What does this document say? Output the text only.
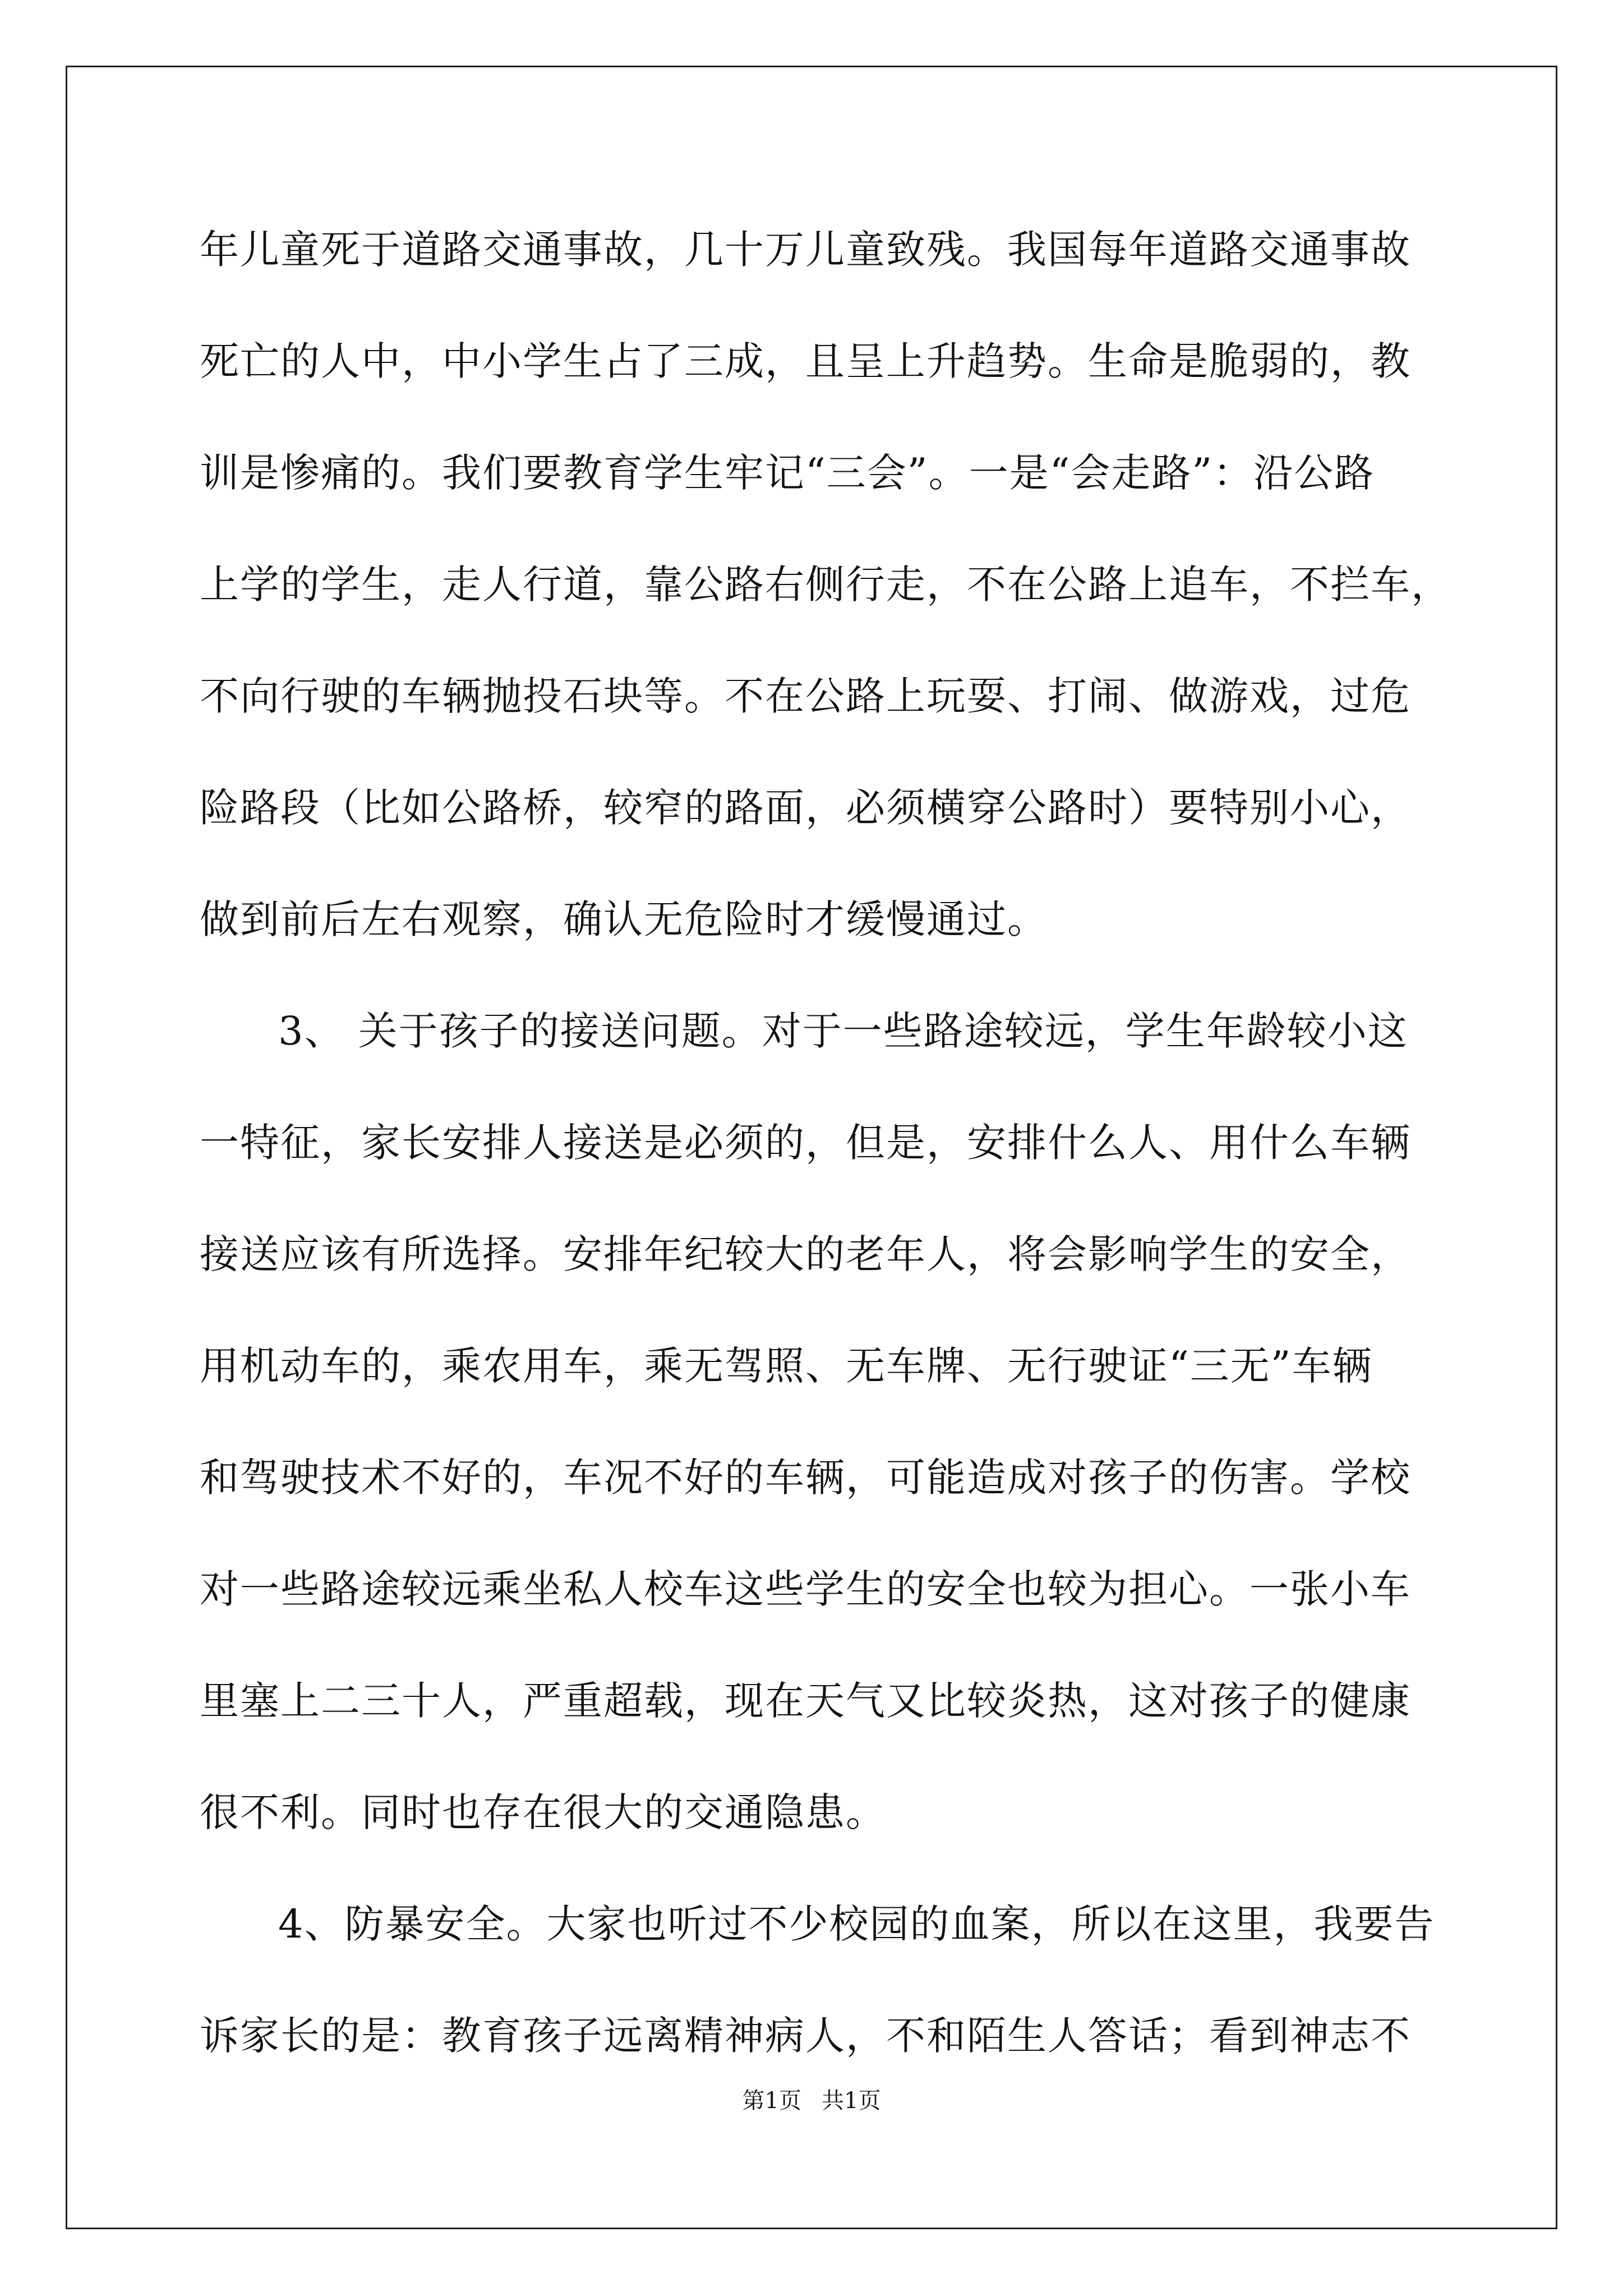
年儿童死于道路交通事故，几十万儿童致残。我国每年道路交通事故
死亡的人中，中小学生占了三成，且呈上升趋势。生命是脆弱的，教
训是惨痛的。我们要教育学生牢记“三会”。一是“会走路”：沿公路
上学的学生，走人行道，靠公路右侧行走，不在公路上追车，不拦车，
不向行驶的车辆抛投石块等。不在公路上玩耍、打闹、做游戏，过危
险路段（比如公路桥，较窄的路面，必须横穿公路时）要特别小心，
做到前后左右观察，确认无危险时才缓慢通过。
3、 关于孩子的接送问题。对于一些路途较远，学生年龄较小这
一特征，家长安排人接送是必须的，但是，安排什么人、用什么车辆
接送应该有所选择。安排年纪较大的老年人，将会影响学生的安全，
用机动车的，乘农用车，乘无驾照、无车牌、无行驶证“三无”车辆
和驾驶技术不好的，车况不好的车辆，可能造成对孩子的伤害。学校
对一些路途较远乘坐私人校车这些学生的安全也较为担心。一张小车
里塞上二三十人，严重超载，现在天气又比较炎热，这对孩子的健康
很不利。同时也存在很大的交通隐患。
4、防暴安全。大家也听过不少校园的血案，所以在这里，我要告
诉家长的是：教育孩子远离精神病人，不和陌生人答话；看到神志不
第1页 共1页
